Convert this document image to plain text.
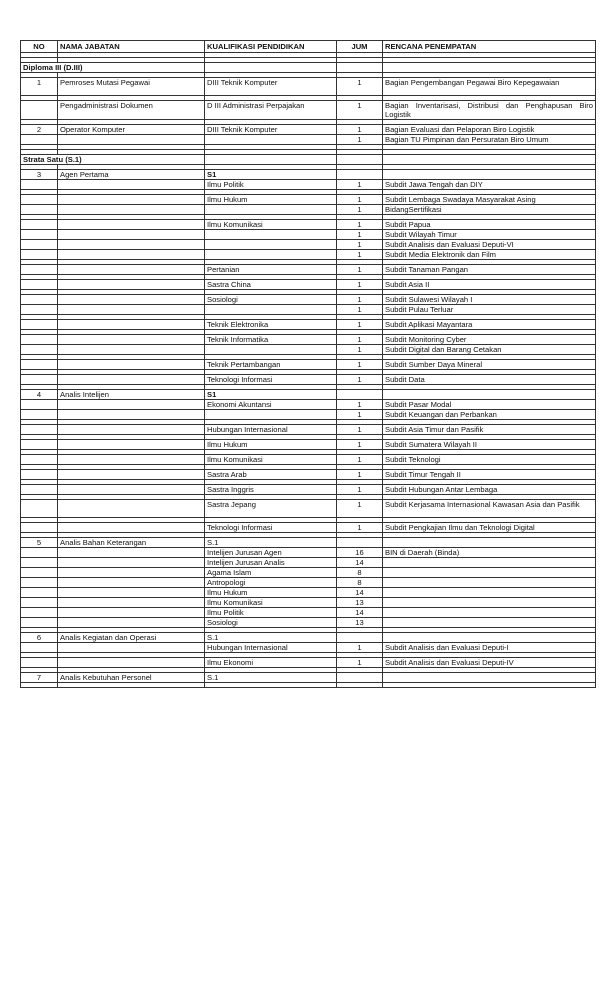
NO	NAMA JABATAN	KUALIFIKASI PENDIDIKAN	JUM	RENCANA PENEMPATAN

Diploma III (D.III)				

1	Pemroses Mutasi Pegawai	DIII Teknik Komputer	1	Bagian Pengembangan Pegawai Biro Kepegawaian

	Pengadministrasi Dokumen	D III Administrasi Perpajakan	1	Bagian Inventarisasi, Distribusi dan Penghapusan Biro Logistik

2	Operator Komputer	DIII Teknik Komputer	1	Bagian Evaluasi dan Pelaporan Biro Logistik
			1	Bagian TU Pimpinan dan Persuratan Biro Umum

Strata Satu (S.1)				

3	Agen Pertama	S1		
		Ilmu Politik	1	Subdit Jawa Tengah dan DIY

		Ilmu Hukum	1	Subdit Lembaga Swadaya Masyarakat Asing
			1	BidangSertifikasi

		Ilmu Komunikasi	1	Subdit Papua
			1	Subdit Wilayah Timur
			1	Subdit Analisis dan Evaluasi Deputi-VI
			1	Subdit Media Elektronik dan Film

		Pertanian	1	Subdit Tanaman Pangan

		Sastra China	1	Subdit Asia II

		Sosiologi	1	Subdit Sulawesi Wilayah I
			1	Subdit Pulau Terluar

		Teknik Elektronika	1	Subdit Aplikasi Mayantara

		Teknik Informatika	1	Subdit Monitoring Cyber
			1	Subdit Digital dan Barang Cetakan

		Teknik Pertambangan	1	Subdit Sumber Daya Mineral

		Teknologi Informasi	1	Subdit Data

4	Analis Intelijen	S1		
		Ekonomi Akuntansi	1	Subdit Pasar Modal
			1	Subdit Keuangan dan Perbankan

		Hubungan Internasional	1	Subdit Asia Timur dan Pasifik

		Ilmu Hukum	1	Subdit Sumatera Wilayah II

		Ilmu Komunikasi	1	Subdit Teknologi

		Sastra Arab	1	Subdit Timur Tengah II

		Sastra Inggris	1	Subdit Hubungan Antar Lembaga

		Sastra Jepang	1	Subdit Kerjasama Internasional Kawasan Asia dan Pasifik

		Teknologi Informasi	1	Subdit Pengkajian Ilmu dan Teknologi Digital

5	Analis Bahan Keterangan	S.1		
		Intelijen Jurusan Agen	16	BIN di Daerah (Binda)
		Intelijen Jurusan Analis	14	
		Agama Islam	8	
		Antropologi	8	
		Ilmu Hukum	14	
		Ilmu Komunikasi	13	
		Ilmu Politik	14	
		Sosiologi	13	

6	Analis Kegiatan dan Operasi	S.1		
		Hubungan Internasional	1	Subdit Analisis dan Evaluasi Deputi-I

		Ilmu Ekonomi	1	Subdit Analisis dan Evaluasi Deputi-IV

7	Analis Kebutuhan Personel	S.1		
